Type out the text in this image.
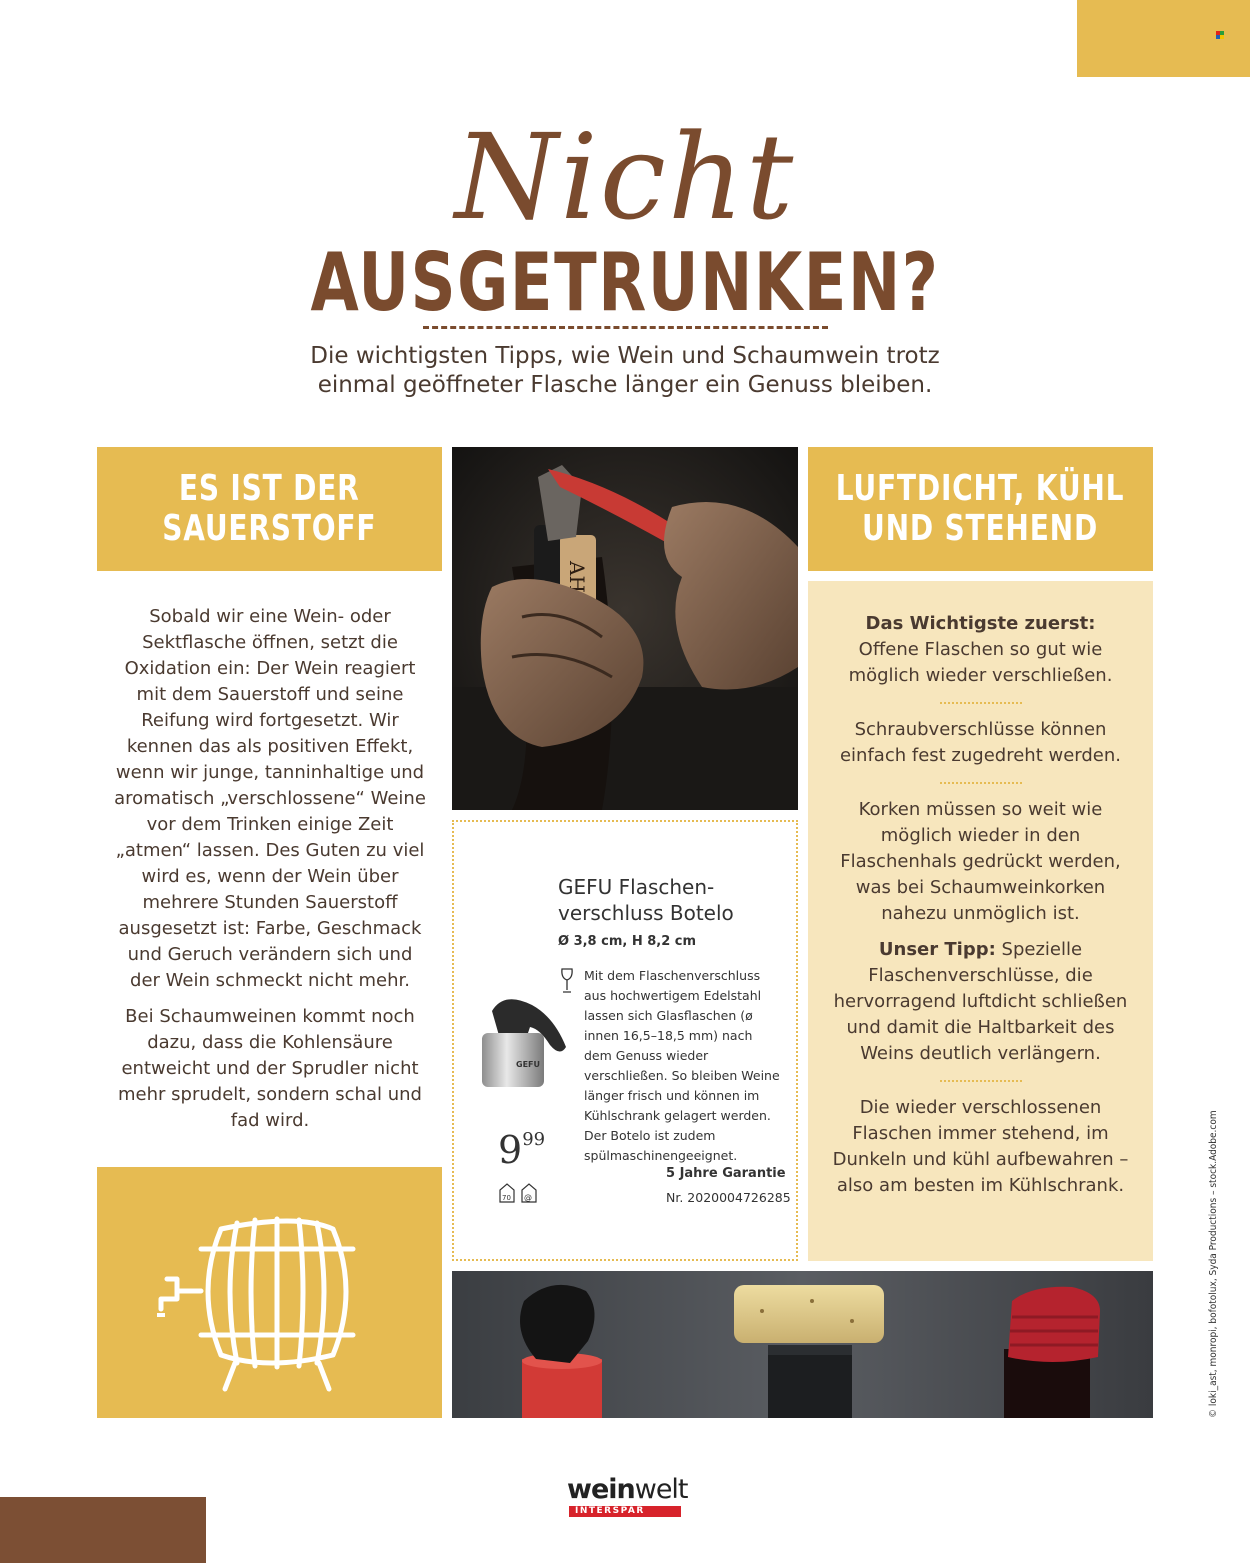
Nicht
AUSGETRUNKEN?
Die wichtigsten Tipps, wie Wein und Schaumwein trotz
einmal geöffneter Flasche länger ein Genuss bleiben.
ES IST DER
SAUERSTOFF

Sobald wir eine Wein- oder Sektflasche öffnen, setzt die Oxidation ein: Der Wein reagiert mit dem Sauerstoff und seine Reifung wird fortgesetzt. Wir kennen das als positiven Effekt, wenn wir junge, tanninhaltige und aromatisch „verschlossene“ Weine vor dem Trinken einige Zeit „atmen“ lassen. Des Guten zu viel wird es, wenn der Wein über mehrere Stunden Sauerstoff ausgesetzt ist: Farbe, Geschmack und Geruch verändern sich und der Wein schmeckt nicht mehr.

Bei Schaumweinen kommt noch dazu, dass die Kohlensäure entweicht und der Sprudler nicht mehr sprudelt, sondern schal und fad wird.

AH
GEFU Flaschen-
verschluss Botelo
Ø 3,8 cm, H 8,2 cm
Mit dem Flaschenverschluss aus hochwertigem Edelstahl lassen sich Glasflaschen (ø innen 16,5–18,5 mm) nach dem Genuss wieder verschließen. So bleiben Weine länger frisch und können im Kühlschrank gelagert werden. Der Botelo ist zudem spülmaschinengeeignet.
GEFU
$9^{99}$
70 @
5 Jahre Garantie
Nr. 2020004726285
LUFTDICHT, KÜHL
UND STEHEND
Das Wichtigste zuerst:
Offene Flaschen so gut wie möglich wieder verschließen.
Schraubverschlüsse können einfach fest zugedreht werden.
Korken müssen so weit wie möglich wieder in den Flaschenhals gedrückt werden, was bei Schaumweinkorken nahezu unmöglich ist.
Unser Tipp: Spezielle Flaschenverschlüsse, die hervorragend luftdicht schließen und damit die Haltbarkeit des Weins deutlich verlängern.
Die wieder verschlossenen Flaschen immer stehend, im Dunkeln und kühl aufbewahren – also am besten im Kühlschrank.	© loki_ast, monropi, bofotolux, Syda Productions – stock.Adobe.com
weinwelt
INTERSPAR
